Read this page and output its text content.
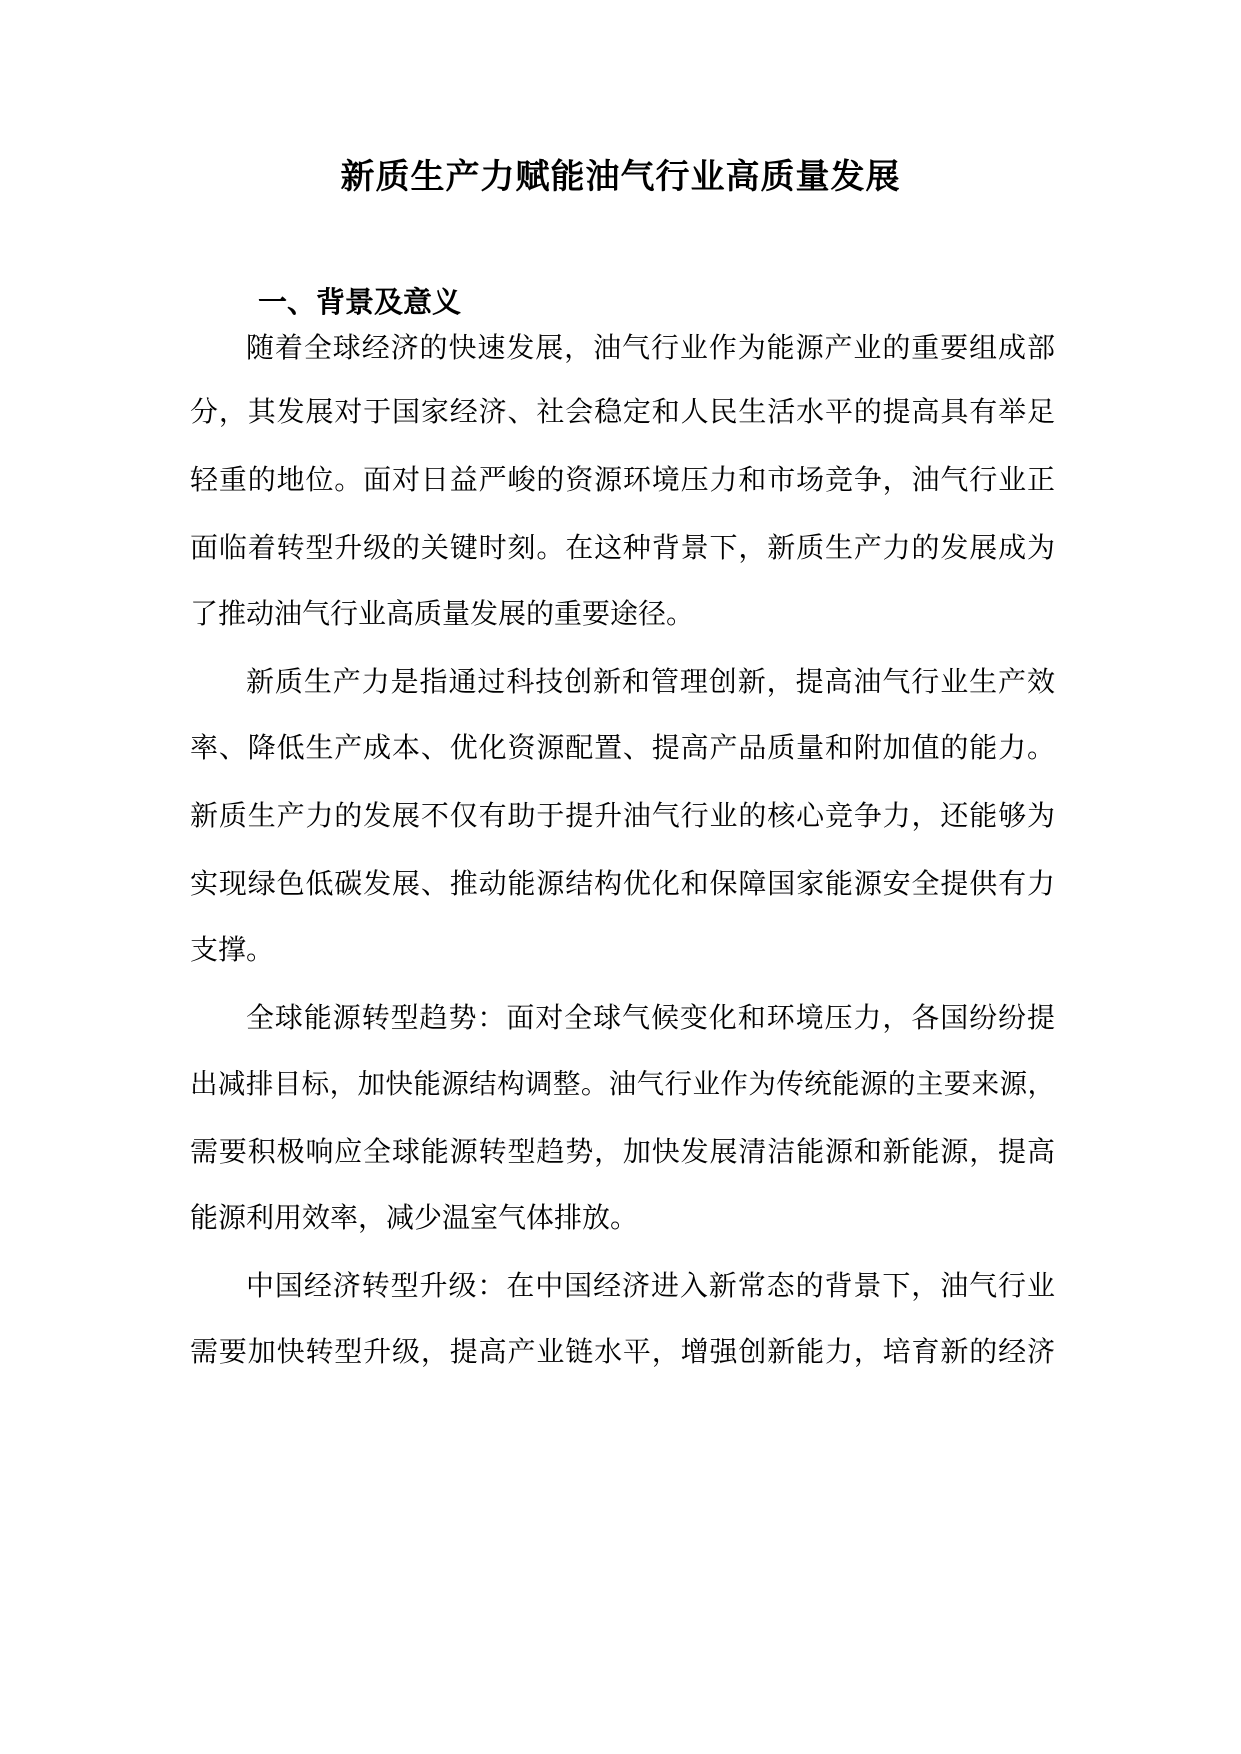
新质生产力赋能油气行业高质量发展
一、背景及意义
随着全球经济的快速发展，油气行业作为能源产业的重要组成部
分，其发展对于国家经济、社会稳定和人民生活水平的提高具有举足
轻重的地位。面对日益严峻的资源环境压力和市场竞争，油气行业正
面临着转型升级的关键时刻。在这种背景下，新质生产力的发展成为
了推动油气行业高质量发展的重要途径。
新质生产力是指通过科技创新和管理创新，提高油气行业生产效
率、降低生产成本、优化资源配置、提高产品质量和附加值的能力。
新质生产力的发展不仅有助于提升油气行业的核心竞争力，还能够为
实现绿色低碳发展、推动能源结构优化和保障国家能源安全提供有力
支撑。
全球能源转型趋势：面对全球气候变化和环境压力，各国纷纷提
出减排目标，加快能源结构调整。油气行业作为传统能源的主要来源，
需要积极响应全球能源转型趋势，加快发展清洁能源和新能源，提高
能源利用效率，减少温室气体排放。
中国经济转型升级：在中国经济进入新常态的背景下，油气行业
需要加快转型升级，提高产业链水平，增强创新能力，培育新的经济
